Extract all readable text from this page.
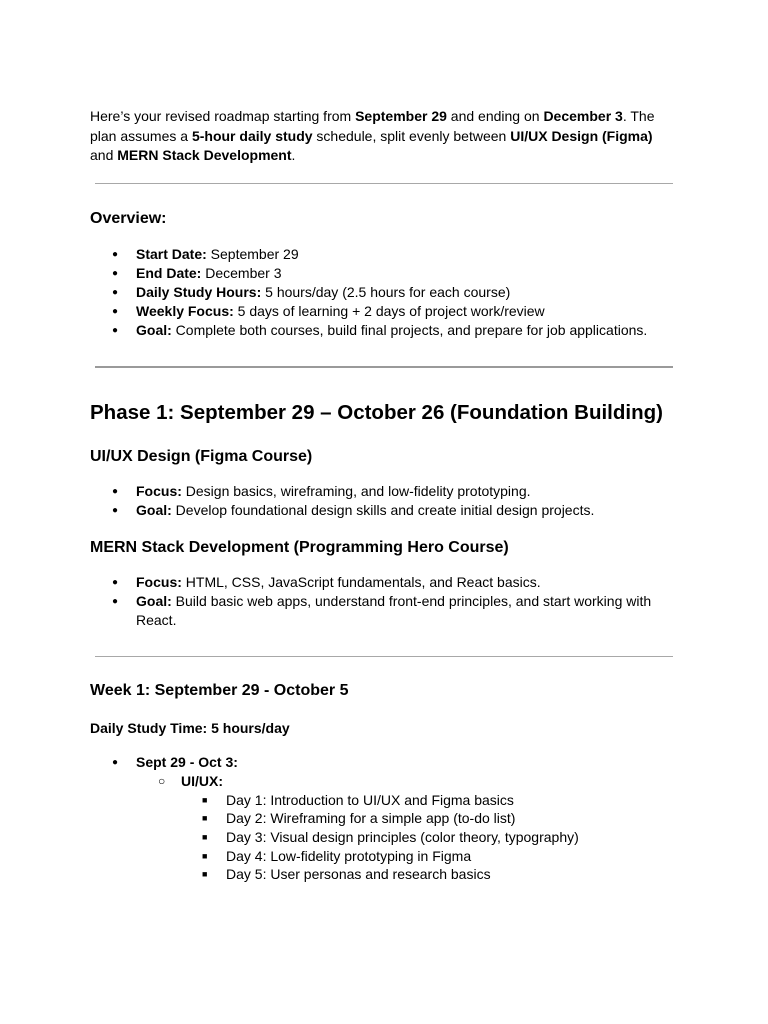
Here’s your revised roadmap starting from September 29 and ending on December 3. The plan assumes a 5-hour daily study schedule, split evenly between UI/UX Design (Figma) and MERN Stack Development.

Overview:
● Start Date: September 29
● End Date: December 3
● Daily Study Hours: 5 hours/day (2.5 hours for each course)
● Weekly Focus: 5 days of learning + 2 days of project work/review
● Goal: Complete both courses, build final projects, and prepare for job applications.
Phase 1: September 29 – October 26 (Foundation Building)
UI/UX Design (Figma Course)
● Focus: Design basics, wireframing, and low-fidelity prototyping.
● Goal: Develop foundational design skills and create initial design projects.
MERN Stack Development (Programming Hero Course)
● Focus: HTML, CSS, JavaScript fundamentals, and React basics.
● Goal: Build basic web apps, understand front-end principles, and start working with React.
Week 1: September 29 - October 5

Daily Study Time: 5 hours/day

● Sept 29 - Oct 3:
○ UI/UX:
■ Day 1: Introduction to UI/UX and Figma basics
■ Day 2: Wireframing for a simple app (to-do list)
■ Day 3: Visual design principles (color theory, typography)
■ Day 4: Low-fidelity prototyping in Figma
■ Day 5: User personas and research basics
